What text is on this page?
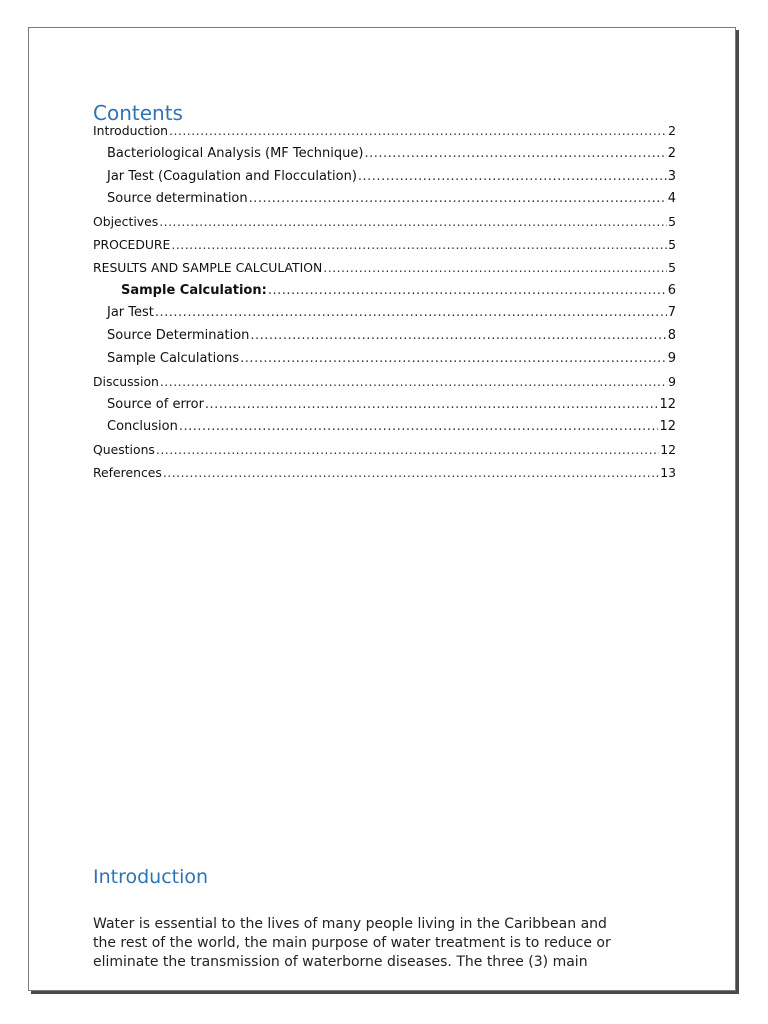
Contents
Introduction .....	2
Bacteriological Analysis (MF Technique) .....	2
Jar Test (Coagulation and Flocculation) .....	3
Source determination .....	4
Objectives .....	5
PROCEDURE .....	5
RESULTS AND SAMPLE CALCULATION .....	5
Sample Calculation: .....	6
Jar Test .....	7
Source Determination .....	8
Sample Calculations .....	9
Discussion .....	9
Source of error .....	12
Conclusion .....	12
Questions .....	12
References .....	13
Introduction

Water is essential to the lives of many people living in the Caribbean and
the rest of the world, the main purpose of water treatment is to reduce or
eliminate the transmission of waterborne diseases. The three (3) main
